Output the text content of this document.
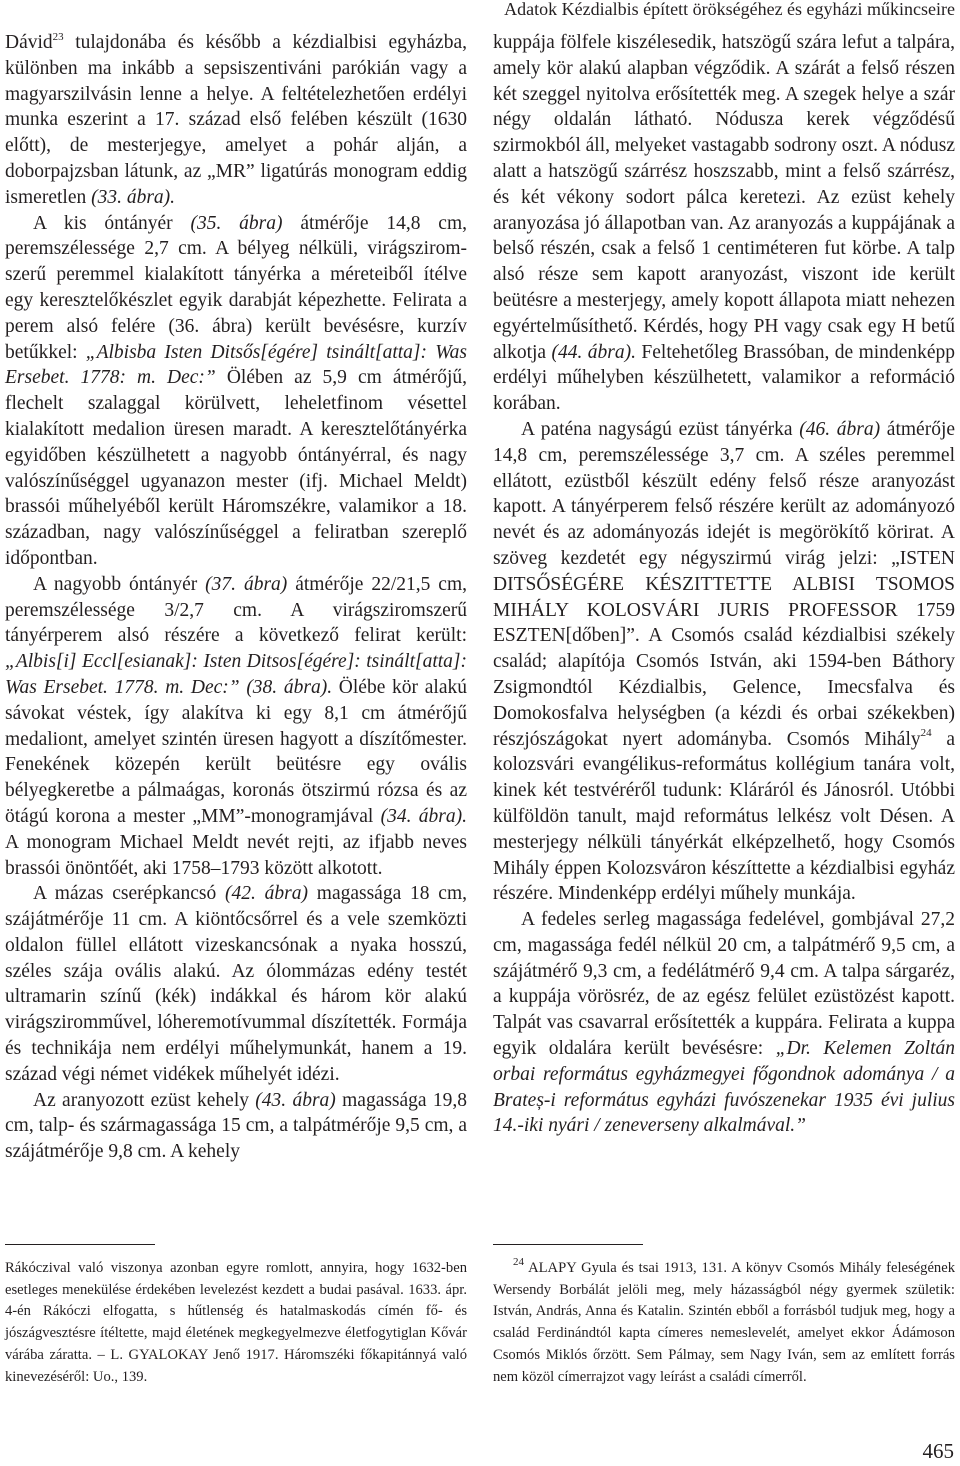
Adatok Kézdialbis épített örökségéhez és egyházi műkincseire

Dávid$^{23}$ tulajdonába és később a kézdialbisi egyházba, különben ma inkább a sepsiszentiváni parókián vagy a magyarszilvásin lenne a helye. A feltételezhetően erdélyi munka eszerint a 17. század első felében készült (1630 előtt), de mesterjegye, amelyet a pohár alján, a doborpajzsban látunk, az „MR” ligatúrás monogram eddig ismeretlen (33. ábra).

A kis óntányér (35. ábra) átmérője 14,8 cm, peremszélessége 2,7 cm. A bélyeg nélküli, virágsziromszerű peremmel kialakított tányérka a méreteiből ítélve egy keresztelőkészlet egyik darabját képezhette. Felirata a perem alsó felére (36. ábra) került bevésésre, kurzív betűkkel: „Albisba Isten Ditsős[égére] tsinált[atta]: Was Ersebet. 1778: m. Dec:” Ölében az 5,9 cm átmérőjű, flechelt szalaggal körülvett, leheletfinom vésettel kialakított medalion üresen maradt. A keresztelőtányérka egyidőben készülhetett a nagyobb óntányérral, és nagy valószínűséggel ugyanazon mester (ifj. Michael Meldt) brassói műhelyéből került Háromszékre, valamikor a 18. században, nagy valószínűséggel a feliratban szereplő időpontban.

A nagyobb óntányér (37. ábra) átmérője 22/21,5 cm, peremszélessége 3/2,7 cm. A virágsziromszerű tányérperem alsó részére a következő felirat került: „Albis[i] Eccl[esianak]: Isten Ditsos[égére]: tsinált[atta]: Was Ersebet. 1778. m. Dec:” (38. ábra). Ölébe kör alakú sávokat véstek, így alakítva ki egy 8,1 cm átmérőjű medaliont, amelyet szintén üresen hagyott a díszítőmester. Fenekének közepén került beütésre egy ovális bélyegkeretbe a pálmaágas, koronás ötszirmú rózsa és az ötágú korona a mester „MM”-monogramjával (34. ábra). A monogram Michael Meldt nevét rejti, az ifjabb neves brassói önöntőét, aki 1758–1793 között alkotott.

A mázas cserépkancsó (42. ábra) magassága 18 cm, szájátmérője 11 cm. A kiöntőcsőrrel és a vele szemközti oldalon füllel ellátott vizeskancsónak a nyaka hosszú, széles szája ovális alakú. Az ólommázas edény testét ultramarin színű (kék) indákkal és három kör alakú virágsziromművel, lóheremotívummal díszítették. Formája és technikája nem erdélyi műhelymunkát, hanem a 19. század végi német vidékek műhelyét idézi.

Az aranyozott ezüst kehely (43. ábra) magassága 19,8 cm, talp- és szármagassága 15 cm, a talpátmérője 9,5 cm, a szájátmérője 9,8 cm. A kehely

kuppája fölfele kiszélesedik, hatszögű szára lefut a talpára, amely kör alakú alapban végződik. A szárát a felső részen két szeggel nyitolva erősítették meg. A szegek helye a szár négy oldalán látható. Nódusza kerek végződésű szirmokból áll, melyeket vastagabb sodrony oszt. A nódusz alatt a hatszögű szárrész hoszszabb, mint a felső szárrész, és két vékony sodort pálca keretezi. Az ezüst kehely aranyozása jó állapotban van. Az aranyozás a kuppájának a belső részén, csak a felső 1 centiméteren fut körbe. A talp alsó része sem kapott aranyozást, viszont ide került beütésre a mesterjegy, amely kopott állapota miatt nehezen egyértelműsíthető. Kérdés, hogy PH vagy csak egy H betű alkotja (44. ábra). Feltehetőleg Brassóban, de mindenképp erdélyi műhelyben készülhetett, valamikor a reformáció korában.

A paténa nagyságú ezüst tányérka (46. ábra) átmérője 14,8 cm, peremszélessége 3,7 cm. A széles peremmel ellátott, ezüstből készült edény felső része aranyozást kapott. A tányérperem felső részére került az adományozó nevét és az adományozás idejét is megörökítő körirat. A szöveg kezdetét egy négyszirmú virág jelzi: „ISTEN DITSŐSÉGÉRE KÉSZITTETTE ALBISI TSOMOS MIHÁLY KOLOSVÁRI JURIS PROFESSOR 1759 ESZTEN[dőben]”. A Csomós család kézdialbisi székely család; alapítója Csomós István, aki 1594-ben Báthory Zsigmondtól Kézdialbis, Gelence, Imecsfalva és Domokosfalva helységben (a kézdi és orbai székekben) részjószágokat nyert adományba. Csomós Mihály$^{24}$ a kolozsvári evangélikus-református kollégium tanára volt, kinek két testvéréről tudunk: Kláráról és Jánosról. Utóbbi külföldön tanult, majd református lelkész volt Désen. A mesterjegy nélküli tányérkát elképzelhető, hogy Csomós Mihály éppen Kolozsváron készíttette a kézdialbisi egyház részére. Mindenképp erdélyi műhely munkája.

A fedeles serleg magassága fedelével, gombjával 27,2 cm, magassága fedél nélkül 20 cm, a talpátmérő 9,5 cm, a szájátmérő 9,3 cm, a fedélátmérő 9,4 cm. A talpa sárgaréz, a kuppája vörösréz, de az egész felület ezüstözést kapott. Talpát vas csavarral erősítették a kuppára. Felirata a kuppa egyik oldalára került bevésésre: „Dr. Kelemen Zoltán orbai református egyházmegyei főgondnok adománya / a Brateș-i református egyházi fuvószenekar 1935 évi julius 14.-iki nyári / zeneverseny alkalmával.”

Rákóczival való viszonya azonban egyre romlott, annyira, hogy 1632-ben esetleges menekülése érdekében levelezést kezdett a budai pasával. 1633. ápr. 4-én Rákóczi elfogatta, s hűtlenség és hatalmaskodás címén fő- és jószágvesztésre ítéltette, majd életének megkegyelmezve életfogytiglan Kővár várába záratta. – L. GYALOKAY Jenő 1917. Háromszéki főkapitánnyá való kinevezéséről: Uo., 139.

$^{24}$ ALAPY Gyula és tsai 1913, 131. A könyv Csomós Mihály feleségének Wersendy Borbálát jelöli meg, mely házasságból négy gyermek születik: István, András, Anna és Katalin. Szintén ebből a forrásból tudjuk meg, hogy a család Ferdinándtól kapta címeres nemeslevelét, amelyet ekkor Ádámoson Csomós Miklós őrzött. Sem Pálmay, sem Nagy Iván, sem az említett forrás nem közöl címerrajzot vagy leírást a családi címerről.

465
